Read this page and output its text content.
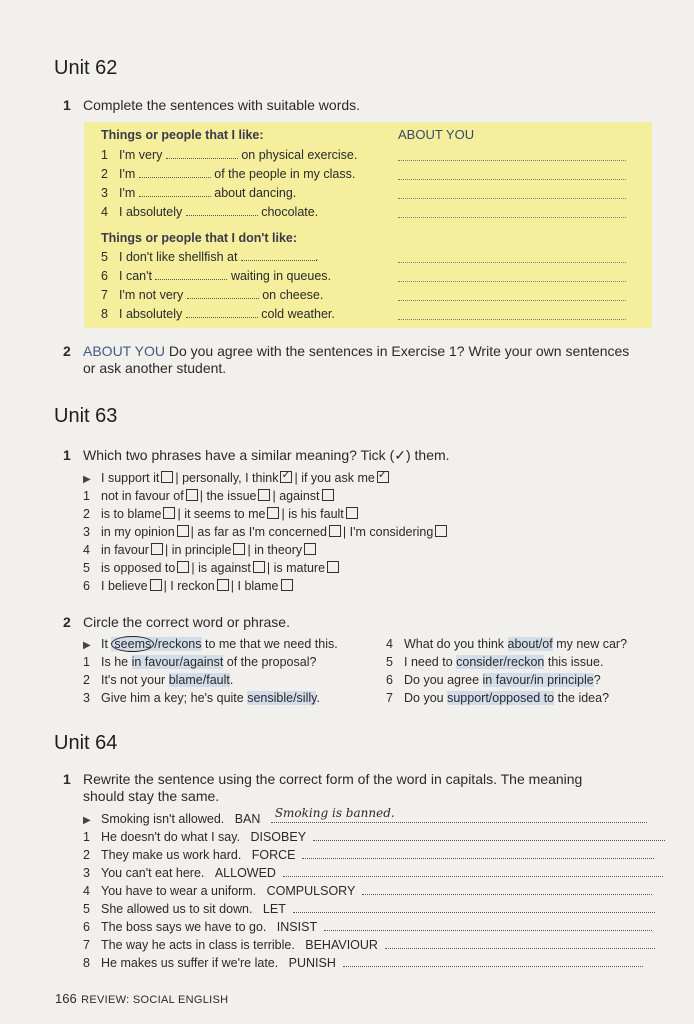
Unit 62
1 Complete the sentences with suitable words.
Things or people that I like:	ABOUT YOU
1 I'm very	on physical exercise.
2 I'm	of the people in my class.
3 I'm	about dancing.
4 I absolutely	chocolate.
Things or people that I don't like:
5 I don't like shellfish at	.
6 I can't	waiting in queues.
7 I'm not very	on cheese.
8 I absolutely	cold weather.
2 ABOUT YOU Do you agree with the sentences in Exercise 1? Write your own sentences
or ask another student.
Unit 63
1 Which two phrases have a similar meaning? Tick (✓) them.
▶ I support it | personally, I think✓ | if you ask me✓
1 not in favour of | the issue | against
2 is to blame | it seems to me | is his fault
3 in my opinion | as far as I'm concerned | I'm considering
4 in favour | in principle | in theory
5 is opposed to | is against | is mature
6 I believe | I reckon | I blame
2 Circle the correct word or phrase.
▶ It seems /reckons to me that we need this.
1 Is he in favour/against of the proposal?
2 It's not your blame/fault.
3 Give him a key; he's quite sensible/silly.
4 What do you think about/of my new car?
5 I need to consider/reckon this issue.
6 Do you agree in favour/in principle?
7 Do you support/opposed to the idea?
Unit 64
1 Rewrite the sentence using the correct form of the word in capitals. The meaning
should stay the same.
▶ Smoking isn't allowed. BAN Smoking is banned.
1 He doesn't do what I say. DISOBEY
2 They make us work hard. FORCE
3 You can't eat here. ALLOWED
4 You have to wear a uniform. COMPULSORY
5 She allowed us to sit down. LET
6 The boss says we have to go. INSIST
7 The way he acts in class is terrible. BEHAVIOUR
8 He makes us suffer if we're late. PUNISH
166 REVIEW: SOCIAL ENGLISH
